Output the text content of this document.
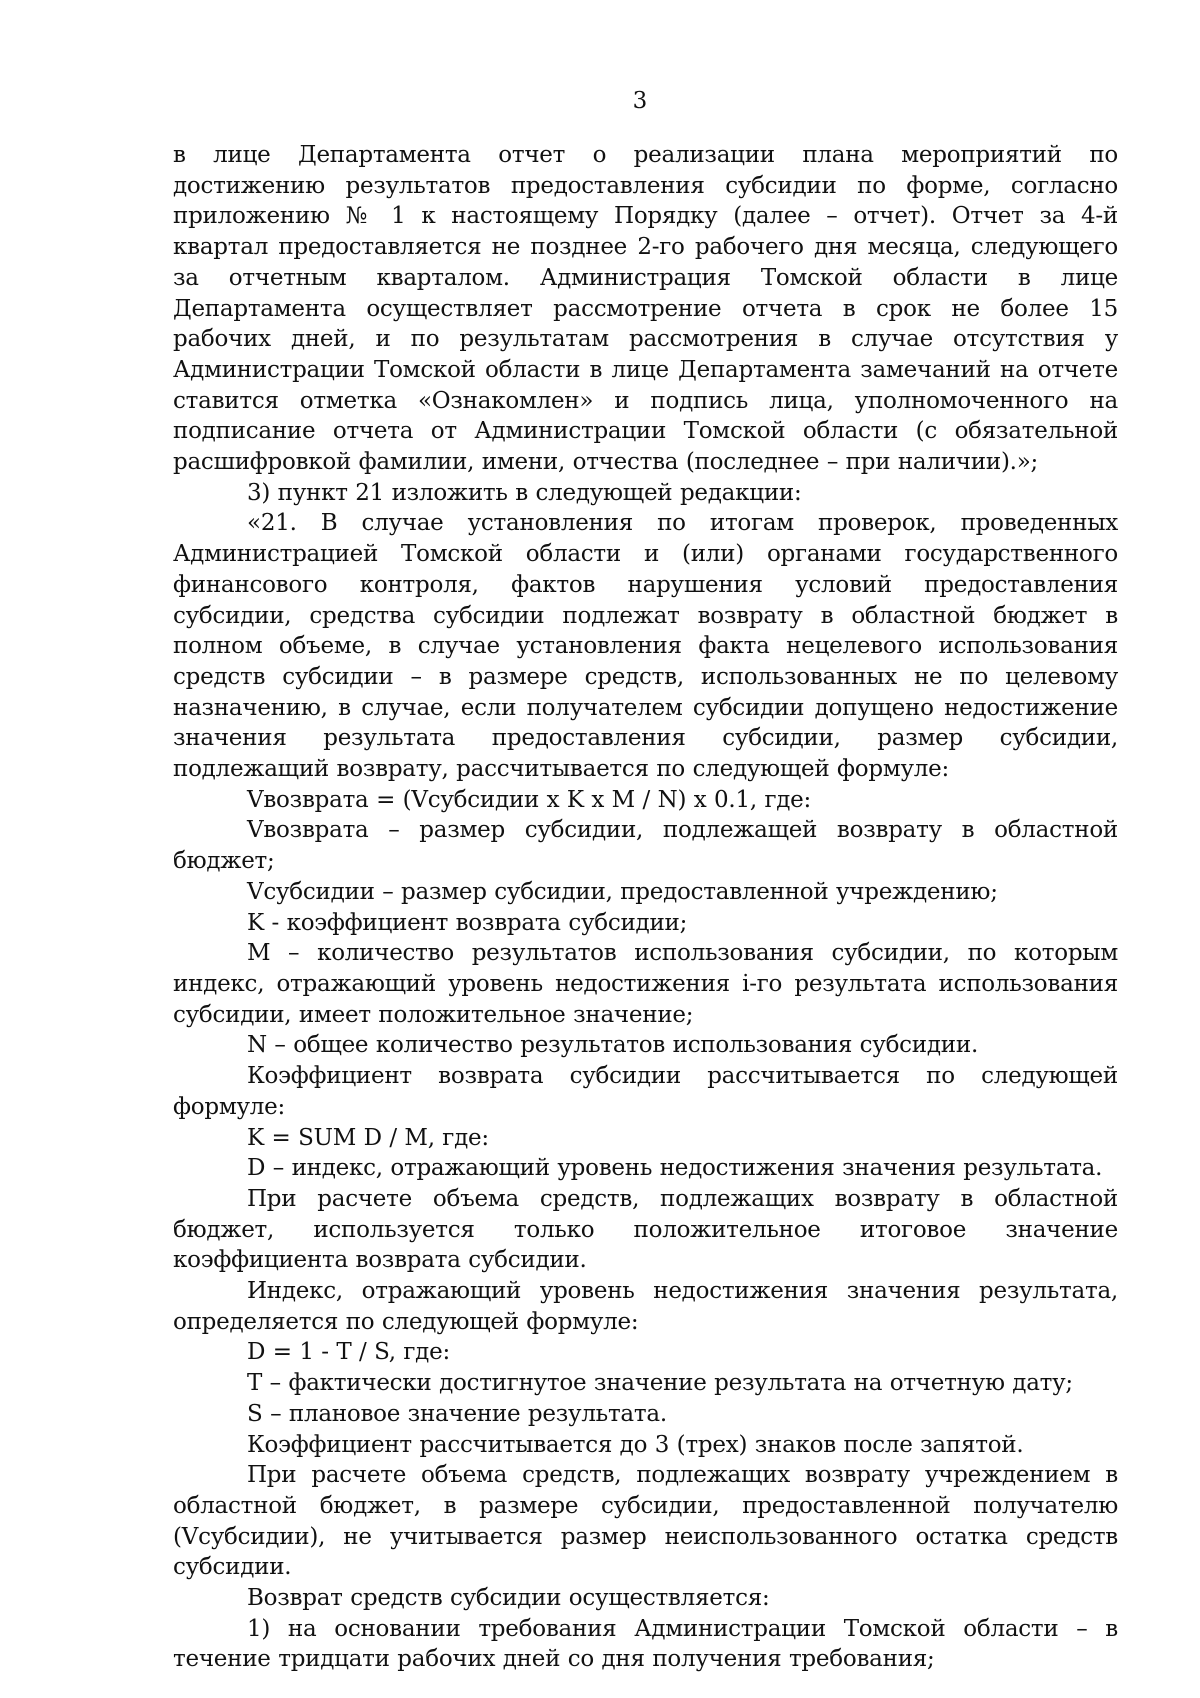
3

в лице Департамента отчет о реализации плана мероприятий по достижению результатов предоставления субсидии по форме, согласно приложению № 1 к настоящему Порядку (далее – отчет). Отчет за 4-й квартал предоставляется не позднее 2-го рабочего дня месяца, следующего за отчетным кварталом. Администрация Томской области в лице Департамента осуществляет рассмотрение отчета в срок не более 15 рабочих дней, и по результатам рассмотрения в случае отсутствия у Администрации Томской области в лице Департамента замечаний на отчете ставится отметка «Ознакомлен» и подпись лица, уполномоченного на подписание отчета от Администрации Томской области (с обязательной расшифровкой фамилии, имени, отчества (последнее – при наличии).»;

3) пункт 21 изложить в следующей редакции:

«21. В случае установления по итогам проверок, проведенных Администрацией Томской области и (или) органами государственного финансового контроля, фактов нарушения условий предоставления субсидии, средства субсидии подлежат возврату в областной бюджет в полном объеме, в случае установления факта нецелевого использования средств субсидии – в размере средств, использованных не по целевому назначению, в случае, если получателем субсидии допущено недостижение значения результата предоставления субсидии, размер субсидии, подлежащий возврату, рассчитывается по следующей формуле:

Vвозврата = (Vсубсидии x K x M / N) x 0.1, где:

Vвозврата – размер субсидии, подлежащей возврату в областной бюджет;

Vсубсидии – размер субсидии, предоставленной учреждению;

K - коэффициент возврата субсидии;

M – количество результатов использования субсидии, по которым индекс, отражающий уровень недостижения i-го результата использования субсидии, имеет положительное значение;

N – общее количество результатов использования субсидии.

Коэффициент возврата субсидии рассчитывается по следующей формуле:

K = SUM D / M, где:

D – индекс, отражающий уровень недостижения значения результата.

При расчете объема средств, подлежащих возврату в областной бюджет, используется только положительное итоговое значение коэффициента возврата субсидии.

Индекс, отражающий уровень недостижения значения результата, определяется по следующей формуле:

D = 1 - T / S, где:

T – фактически достигнутое значение результата на отчетную дату;

S – плановое значение результата.

Коэффициент рассчитывается до 3 (трех) знаков после запятой.

При расчете объема средств, подлежащих возврату учреждением в областной бюджет, в размере субсидии, предоставленной получателю (Vсубсидии), не учитывается размер неиспользованного остатка средств субсидии.

Возврат средств субсидии осуществляется:

1) на основании требования Администрации Томской области – в течение тридцати рабочих дней со дня получения требования;
